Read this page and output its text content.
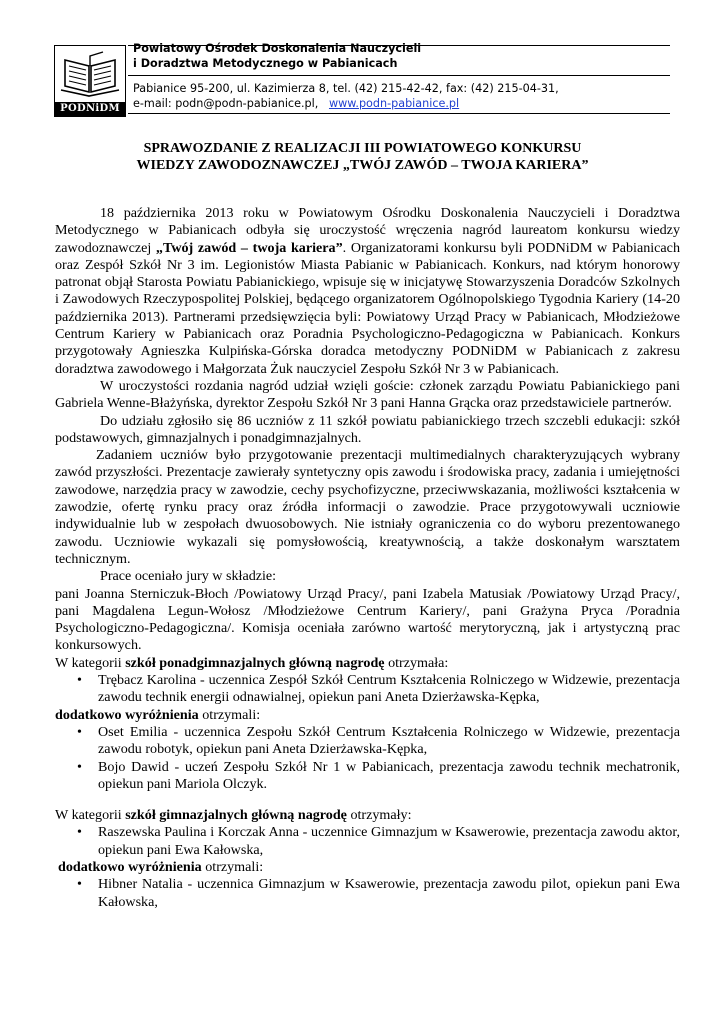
PODNiDM
Powiatowy Ośrodek Doskonalenia Nauczycieli
i Doradztwa Metodycznego w Pabianicach
Pabianice 95-200, ul. Kazimierza 8, tel. (42) 215-42-42, fax: (42) 215-04-31,
e-mail: podn@podn-pabianice.pl, www.podn-pabianice.pl
SPRAWOZDANIE Z REALIZACJI III POWIATOWEGO KONKURSU
WIEDZY ZAWODOZNAWCZEJ „TWÓJ ZAWÓD – TWOJA KARIERA”

18 października 2013 roku w Powiatowym Ośrodku Doskonalenia Nauczycieli i Doradztwa Metodycznego w Pabianicach odbyła się uroczystość wręczenia nagród laureatom konkursu wiedzy zawodoznawczej „Twój zawód – twoja kariera”. Organizatorami konkursu byli PODNiDM w Pabianicach oraz Zespół Szkół Nr 3 im. Legionistów Miasta Pabianic w Pabianicach. Konkurs, nad którym honorowy patronat objął Starosta Powiatu Pabianickiego, wpisuje się w inicjatywę Stowarzyszenia Doradców Szkolnych i Zawodowych Rzeczypospolitej Polskiej, będącego organizatorem Ogólnopolskiego Tygodnia Kariery (14-20 października 2013). Partnerami przedsięwzięcia byli: Powiatowy Urząd Pracy w Pabianicach, Młodzieżowe Centrum Kariery w Pabianicach oraz Poradnia Psychologiczno-Pedagogiczna w Pabianicach. Konkurs przygotowały Agnieszka Kulpińska-Górska doradca metodyczny PODNiDM w Pabianicach z zakresu doradztwa zawodowego i Małgorzata Żuk nauczyciel Zespołu Szkół Nr 3 w Pabianicach.

W uroczystości rozdania nagród udział wzięli goście: członek zarządu Powiatu Pabianickiego pani Gabriela Wenne-Błażyńska, dyrektor Zespołu Szkół Nr 3 pani Hanna Grącka oraz przedstawiciele partnerów.

Do udziału zgłosiło się 86 uczniów z 11 szkół powiatu pabianickiego trzech szczebli edukacji: szkół podstawowych, gimnazjalnych i ponadgimnazjalnych.

Zadaniem uczniów było przygotowanie prezentacji multimedialnych charakteryzujących wybrany zawód przyszłości. Prezentacje zawierały syntetyczny opis zawodu i środowiska pracy, zadania i umiejętności zawodowe, narzędzia pracy w zawodzie, cechy psychofizyczne, przeciwwskazania, możliwości kształcenia w zawodzie, ofertę rynku pracy oraz źródła informacji o zawodzie. Prace przygotowywali uczniowie indywidualnie lub w zespołach dwuosobowych. Nie istniały ograniczenia co do wyboru prezentowanego zawodu. Uczniowie wykazali się pomysłowością, kreatywnością, a także doskonałym warsztatem technicznym.

Prace oceniało jury w składzie:

pani Joanna Sterniczuk-Błoch /Powiatowy Urząd Pracy/, pani Izabela Matusiak /Powiatowy Urząd Pracy/, pani Magdalena Legun-Wołosz /Młodzieżowe Centrum Kariery/, pani Grażyna Pryca /Poradnia Psychologiczno-Pedagogiczna/. Komisja oceniała zarówno wartość merytoryczną, jak i artystyczną prac konkursowych.

W kategorii szkół ponadgimnazjalnych główną nagrodę otrzymała:

• Trębacz Karolina - uczennica Zespół Szkół Centrum Kształcenia Rolniczego w Widzewie, prezentacja zawodu technik energii odnawialnej, opiekun pani Aneta Dzierżawska-Kępka,

dodatkowo wyróżnienia otrzymali:

• Oset Emilia - uczennica Zespołu Szkół Centrum Kształcenia Rolniczego w Widzewie, prezentacja zawodu robotyk, opiekun pani Aneta Dzierżawska-Kępka,
• Bojo Dawid - uczeń Zespołu Szkół Nr 1 w Pabianicach, prezentacja zawodu technik mechatronik, opiekun pani Mariola Olczyk.

W kategorii szkół gimnazjalnych główną nagrodę otrzymały:

• Raszewska Paulina i Korczak Anna - uczennice Gimnazjum w Ksawerowie, prezentacja zawodu aktor, opiekun pani Ewa Kałowska,

dodatkowo wyróżnienia otrzymali:

• Hibner Natalia - uczennica Gimnazjum w Ksawerowie, prezentacja zawodu pilot, opiekun pani Ewa Kałowska,
